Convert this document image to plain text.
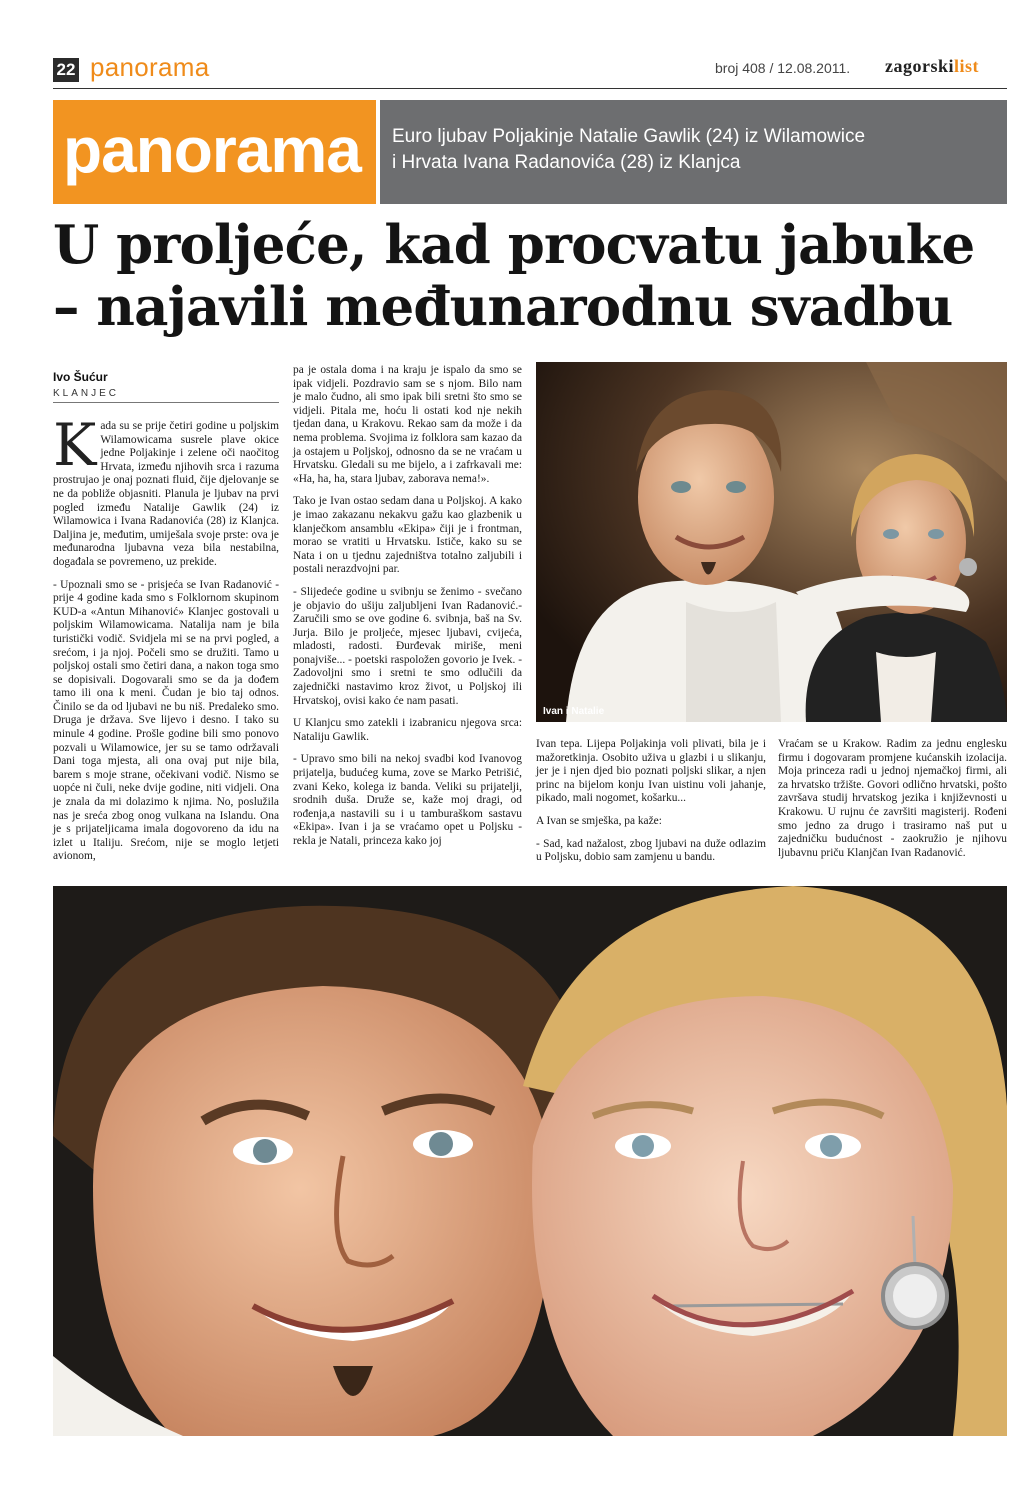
22 panorama	broj 408 / 12.08.2011. zagorskilist
panorama Euro ljubav Poljakinje Natalie Gawlik (24) iz Wilamowice
i Hrvata Ivana Radanovića (28) iz Klanjca
U proljeće, kad procvatu jabuke
– najavili međunarodnu svadbu
Ivo Šućur
KLANJEC

Kada su se prije četiri godine u poljskim Wilamowicama susrele plave okice jedne Poljakinje i zelene oči naočitog Hrvata, između njihovih srca i razuma prostrujao je onaj poznati fluid, čije djelovanje se ne da pobliže objasniti. Planula je ljubav na prvi pogled između Natalije Gawlik (24) iz Wilamowica i Ivana Radanovića (28) iz Klanjca. Daljina je, međutim, umiješala svoje prste: ova je međunarodna ljubavna veza bila nestabilna, događala se povremeno, uz prekide.

- Upoznali smo se - prisjeća se Ivan Radanović - prije 4 godine kada smo s Folklornom skupinom KUD-a «Antun Mihanović» Klanjec gostovali u poljskim Wilamowicama. Natalija nam je bila turistički vodič. Svidjela mi se na prvi pogled, a srećom, i ja njoj. Počeli smo se družiti. Tamo u poljskoj ostali smo četiri dana, a nakon toga smo se dopisivali. Dogovarali smo se da ja dođem tamo ili ona k meni. Čudan je bio taj odnos. Činilo se da od ljubavi ne bu niš. Predaleko smo. Druga je država. Sve lijevo i desno. I tako su minule 4 godine. Prošle godine bili smo ponovo pozvali u Wilamowice, jer su se tamo održavali Dani toga mjesta, ali ona ovaj put nije bila, barem s moje strane, očekivani vodič. Nismo se uopće ni čuli, neke dvije godine, niti vidjeli. Ona je znala da mi dolazimo k njima. No, poslužila nas je sreća zbog onog vulkana na Islandu. Ona je s prijateljicama imala dogovoreno da idu na izlet u Italiju. Srećom, nije se moglo letjeti avionom,

pa je ostala doma i na kraju je ispalo da smo se ipak vidjeli. Pozdravio sam se s njom. Bilo nam je malo čudno, ali smo ipak bili sretni što smo se vidjeli. Pitala me, hoću li ostati kod nje nekih tjedan dana, u Krakovu. Rekao sam da može i da nema problema. Svojima iz folklora sam kazao da ja ostajem u Poljskoj, odnosno da se ne vraćam u Hrvatsku. Gledali su me bijelo, a i zafrkavali me: «Ha, ha, ha, stara ljubav, zaborava nema!».

Tako je Ivan ostao sedam dana u Poljskoj. A kako je imao zakazanu nekakvu gažu kao glazbenik u klanječkom ansamblu «Ekipa» čiji je i frontman, morao se vratiti u Hrvatsku. Ističe, kako su se Nata i on u tjednu zajedništva totalno zaljubili i postali nerazdvojni par.

- Slijedeće godine u svibnju se ženimo - svečano je objavio do ušiju zaljubljeni Ivan Radanović.- Zaručili smo se ove godine 6. svibnja, baš na Sv. Jurja. Bilo je proljeće, mjesec ljubavi, cvijeća, mladosti, radosti. Đurđevak miriše, meni ponajviše... - poetski raspoložen govorio je Ivek. - Zadovoljni smo i sretni te smo odlučili da zajednički nastavimo kroz život, u Poljskoj ili Hrvatskoj, ovisi kako će nam pasati.

U Klanjcu smo zatekli i izabranicu njegova srca: Nataliju Gawlik.

- Upravo smo bili na nekoj svadbi kod Ivanovog prijatelja, budućeg kuma, zove se Marko Petrišić, zvani Keko, kolega iz banda. Veliki su prijatelji, srodnih duša. Druže se, kaže moj dragi, od rođenja,a nastavili su i u tamburaškom sastavu «Ekipa». Ivan i ja se vraćamo opet u Poljsku - rekla je Natali, princeza kako joj

Ivan i Natalie

Ivan tepa. Lijepa Poljakinja voli plivati, bila je i mažoretkinja. Osobito uživa u glazbi i u slikanju, jer je i njen djed bio poznati poljski slikar, a njen princ na bijelom konju Ivan uistinu voli jahanje, pikado, mali nogomet, košarku...

A Ivan se smješka, pa kaže:

- Sad, kad nažalost, zbog ljubavi na duže odlazim u Poljsku, dobio sam zamjenu u bandu.

Vraćam se u Krakow. Radim za jednu englesku firmu i dogovaram promjene kućanskih izolacija. Moja princeza radi u jednoj njemačkoj firmi, ali za hrvatsko tržište. Govori odlično hrvatski, pošto završava studij hrvatskog jezika i književnosti u Krakowu. U rujnu će završiti magisterij. Rođeni smo jedno za drugo i trasiramo naš put u zajedničku budućnost - zaokružio je njihovu ljubavnu priču Klanjčan Ivan Radanović.
